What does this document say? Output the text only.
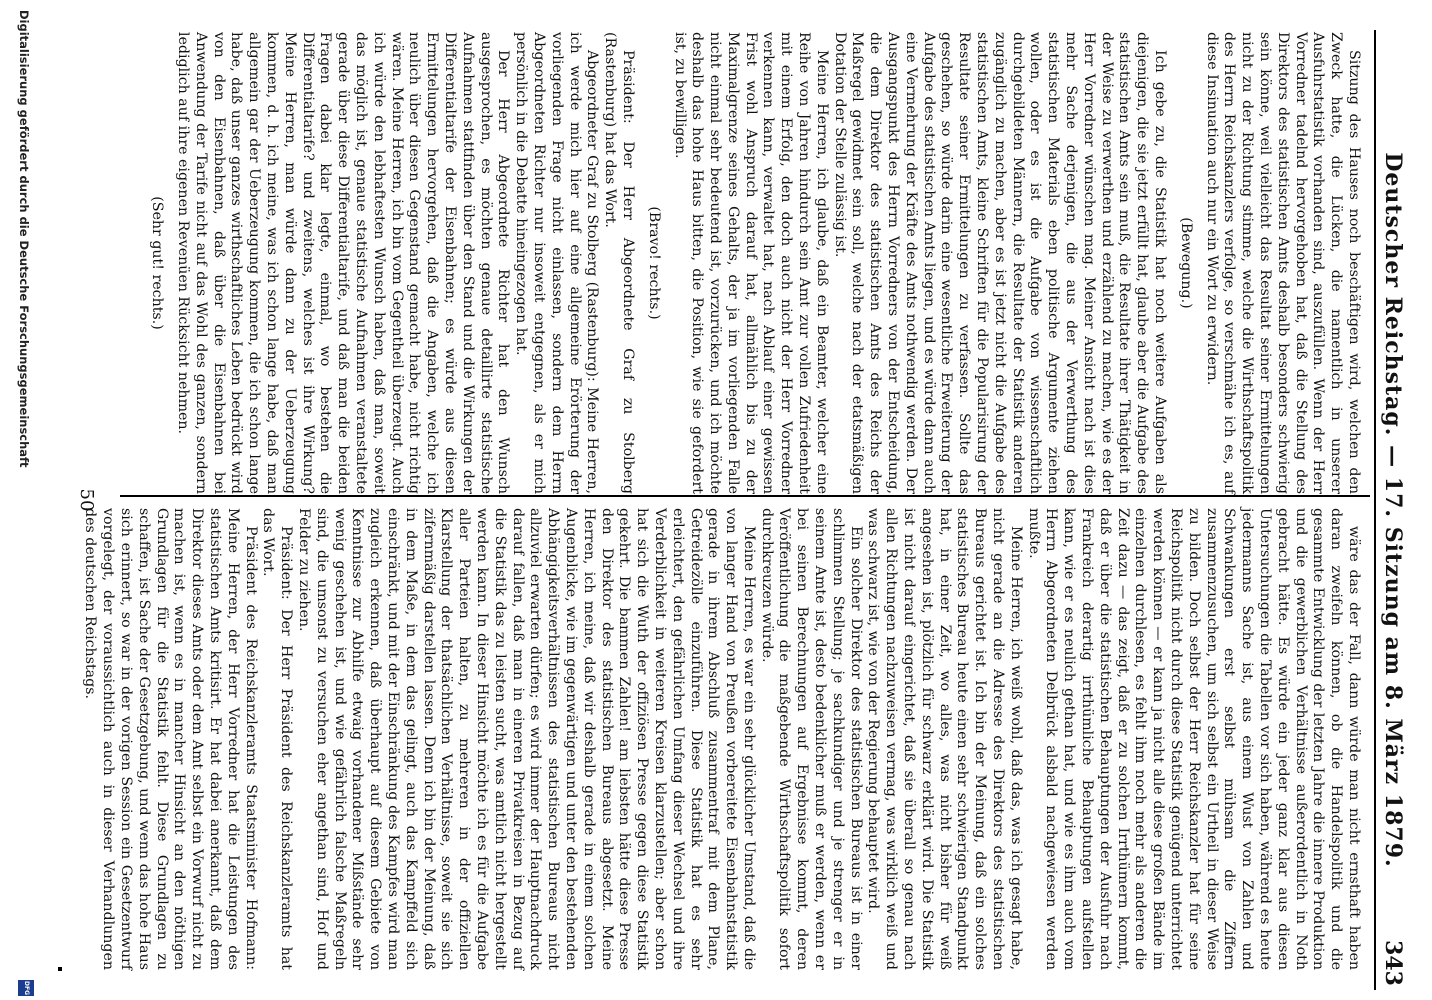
Deutscher Reichstag. — 17. Sitzung am 8. März 1879.
343

Sitzung des Hauses noch beschäftigen wird, welchen den Zweck hatte, die Lücken, die namentlich in unserer Ausfuhrstatistik vorhanden sind, auszufüllen. Wenn der Herr Vorredner tadelnd hervorgehoben hat, daß die Stellung des Direktors des statistischen Amts deshalb besonders schwierig sein könne, weil vielleicht das Resultat seiner Ermittelungen nicht zu der Richtung stimme, welche die Wirthschaftspolitik des Herrn Reichskanzlers verfolge, so verschmähe ich es, auf diese Insinuation auch nur ein Wort zu erwidern.

(Bewegung.)

Ich gebe zu, die Statistik hat noch weitere Aufgaben als diejenigen, die sie jetzt erfüllt hat, glaube aber die Aufgabe des statistischen Amts sein muß, die Resultate ihrer Thätigkeit in der Weise zu verwerthen und erzählend zu machen, wie es der Herr Vorredner wünschen mag. Meiner Ansicht nach ist dies mehr Sache derjenigen, die aus der Verwerthung des statistischen Materials eben politische Argumente ziehen wollen, oder es ist die Aufgabe von wissenschaftlich durchgebildeten Männern, die Resultate der Statistik anderen zugänglich zu machen, aber es ist jetzt nicht die Aufgabe des statistischen Amts, kleine Schriften für die Popularisirung der Resultate seiner Ermittelungen zu verfassen. Sollte das geschehen, so würde darin eine wesentliche Erweiterung der Aufgabe des statistischen Amts liegen, und es würde dann auch eine Vermehrung der Kräfte des Amts nothwendig werden. Der Ausgangspunkt des Herrn Vorredners von der Entscheidung, die dem Direktor des statistischen Amts des Reichs der Maßregel gewidmet sein soll, welche nach der etatsmäßigen Dotation der Stelle zulässig ist.

Meine Herren, ich glaube, daß ein Beamter, welcher eine Reihe von Jahren hindurch sein Amt zur vollen Zufriedenheit mit einem Erfolg, den doch auch nicht der Herr Vorredner verkennen kann, verwaltet hat, nach Ablauf einer gewissen Frist wohl Anspruch darauf hat, allmählich bis zu der Maximalgrenze seines Gehalts, der ja im vorliegenden Falle nicht einmal sehr bedeutend ist, vorzurücken, und ich möchte deshalb das hohe Haus bitten, die Position, wie sie gefordert ist, zu bewilligen.

(Bravo! rechts.)

Präsident: Der Herr Abgeordnete Graf zu Stolberg (Rastenburg) hat das Wort.

Abgeordneter Graf zu Stolberg (Rastenburg): Meine Herren, ich werde mich hier auf eine allgemeine Erörterung der vorliegenden Frage nicht einlassen, sondern dem Herrn Abgeordneten Richter nur insoweit entgegnen, als er mich persönlich in die Debatte hineingezogen hat.

Der Herr Abgeordnete Richter hat den Wunsch ausgesprochen, es möchten genaue detaillirte statistische Aufnahmen stattfinden über den Stand und die Wirkungen der Differentialtarife der Eisenbahnen; es würde aus diesen Ermittelungen hervorgehen, daß die Angaben, welche ich neulich über diesen Gegenstand gemacht habe, nicht richtig wären. Meine Herren, ich bin vom Gegentheil überzeugt. Auch ich würde den lebhaftesten Wunsch haben, daß man, soweit das möglich ist, genaue statistische Aufnahmen veranstaltete gerade über diese Differentialtarife, und daß man die beiden Fragen dabei klar legte, einmal, wo bestehen die Differentialtarife? und zweitens, welches ist ihre Wirkung? Meine Herren, man würde dann zu der Ueberzeugung kommen, d. h. ich meine, was ich schon lange habe, daß man allgemein gar der Ueberzeugung kommen, die ich schon lange habe, daß unser ganzes wirthschaftliches Leben bedrückt wird von den Eisenbahnen, daß über die Eisenbahnen bei Anwendung der Tarife nicht auf das Wohl des ganzen, sondern lediglich auf ihre eigenen Revenüen Rücksicht nehmen.

(Sehr gut! rechts.)

wäre das der Fall, dann würde man nicht ernsthaft haben daran zweifeln können, ob die Handelspolitik und die gesammte Entwicklung der letzten Jahre die innere Produktion und die gewerblichen Verhältnisse außerordentlich in Noth gebracht hätte. Es würde ein jeder ganz klar aus diesen Untersuchungen die Tabellen vor sich haben, während es heute jedermanns Sache ist, aus einem Wust von Zahlen und Schwankungen erst selbst mühsam die Ziffern zusammenzusuchen, um sich selbst ein Urtheil in dieser Weise zu bilden. Doch selbst der Herr Reichskanzler hat für seine Reichspolitik nicht durch diese Statistik genügend unterrichtet werden können — er kann ja nicht alle diese großen Bände im einzelnen durchlesen, es fehlt ihm noch mehr als anderen die Zeit dazu — das zeigt, daß er zu solchen Irrthümern kommt, daß er über die statistischen Behauptungen der Ausfuhr nach Frankreich derartig irrthümliche Behauptungen aufstellen kann, wie er es neulich gethan hat, und wie es ihm auch vom Herrn Abgeordneten Delbrück alsbald nachgewiesen werden mußte.

Meine Herren, ich weiß wohl, daß das, was ich gesagt habe, nicht gerade an die Adresse des Direktors des statistischen Bureaus gerichtet ist. Ich bin der Meinung, daß ein solches statistisches Bureau heute einen sehr schwierigen Standpunkt hat, in einer Zeit, wo alles, was nicht bisher für weiß angesehen ist, plötzlich für schwarz erklärt wird. Die Statistik ist nicht darauf eingerichtet, daß sie überall so genau nach allen Richtungen nachzuweisen vermag, was wirklich weiß und was schwarz ist, wie von der Regierung behauptet wird.

Ein solcher Direktor des statistischen Bureaus ist in einer schlimmen Stellung; je sachkundiger und je strenger er in seinem Amte ist, desto bedenklicher muß er werden, wenn er bei seinen Berechnungen auf Ergebnisse kommt, deren Veröffentlichung die maßgebende Wirthschaftspolitik sofort durchkreuzen würde.

Meine Herren, es war ein sehr glücklicher Umstand, daß die von langer Hand von Preußen vorbereitete Eisenbahnstatistik gerade in ihrem Abschluß zusammentraf mit dem Plane, Getreidezölle einzuführen. Diese Statistik hat es sehr erleichtert, den gefährlichen Umfang dieser Wechsel und ihre Verderblichkeit in weiteren Kreisen klarzustellen; aber schon hat sich die Wuth der offiziösen Presse gegen diese Statistik gekehrt. Die bammen Zahlen! am liebsten hätte diese Presse den Direktor des statistischen Bureaus abgesetzt. Meine Herren, ich meine, daß wir deshalb gerade in einem solchen Augenblicke, wie im gegenwärtigen und unter den bestehenden Abhängigkeitsverhältnissen des statistischen Bureaus nicht allzuviel erwarten dürfen; es wird immer der Hauptnachdruck darauf fallen, daß man in eineren Privatkreisen in Bezug auf die Statistik das zu leisten sucht, was amtlich nicht hergestellt werden kann. In dieser Hinsicht möchte ich es für die Aufgabe aller Parteien halten, zu mehreren in der offiziellen Klarstellung der thatsächlichen Verhältnisse, soweit sie sich zifernmäßig darstellen lassen. Denn ich bin der Meinung, daß in dem Maße, in dem das gelingt, auch das Kampffeld sich einschränkt, und mit der Einschränkung des Kampfes wird man zugleich erkennen, daß überhaupt auf diesem Gebiete von Kenntnisse zur Abhilfe etwaig vorhandener Mißstände sehr wenig geschehen ist, und wie gefährlich falsche Maßregeln sind, die umsonst zu versuchen eher angethan sind, Hof und Felder zu ziehen.

Präsident: Der Herr Präsident des Reichskanzleramts hat das Wort.

Präsident des Reichskanzleramts Staatsminister Hofmann: Meine Herren, der Herr Vorredner hat die Leistungen des statistischen Amts kritisirt. Er hat dabei anerkannt, daß dem Direktor dieses Amts oder dem Amt selbst ein Vorwurf nicht zu machen ist, wenn es in mancher Hinsicht an den nöthigen Grundlagen für die Statistik fehlt. Diese Grundlagen zu schaffen, ist Sache der Gesetzgebung, und wenn das hohe Haus sich erinnert, so war in der vorigen Session ein Gesetzentwurf vorgelegt, der voraussichtlich auch in dieser Verhandlungen des deutschen Reichstags.

50
Digitalisierung gefördert durch die Deutsche Forschungsgemeinschaft
DFG
